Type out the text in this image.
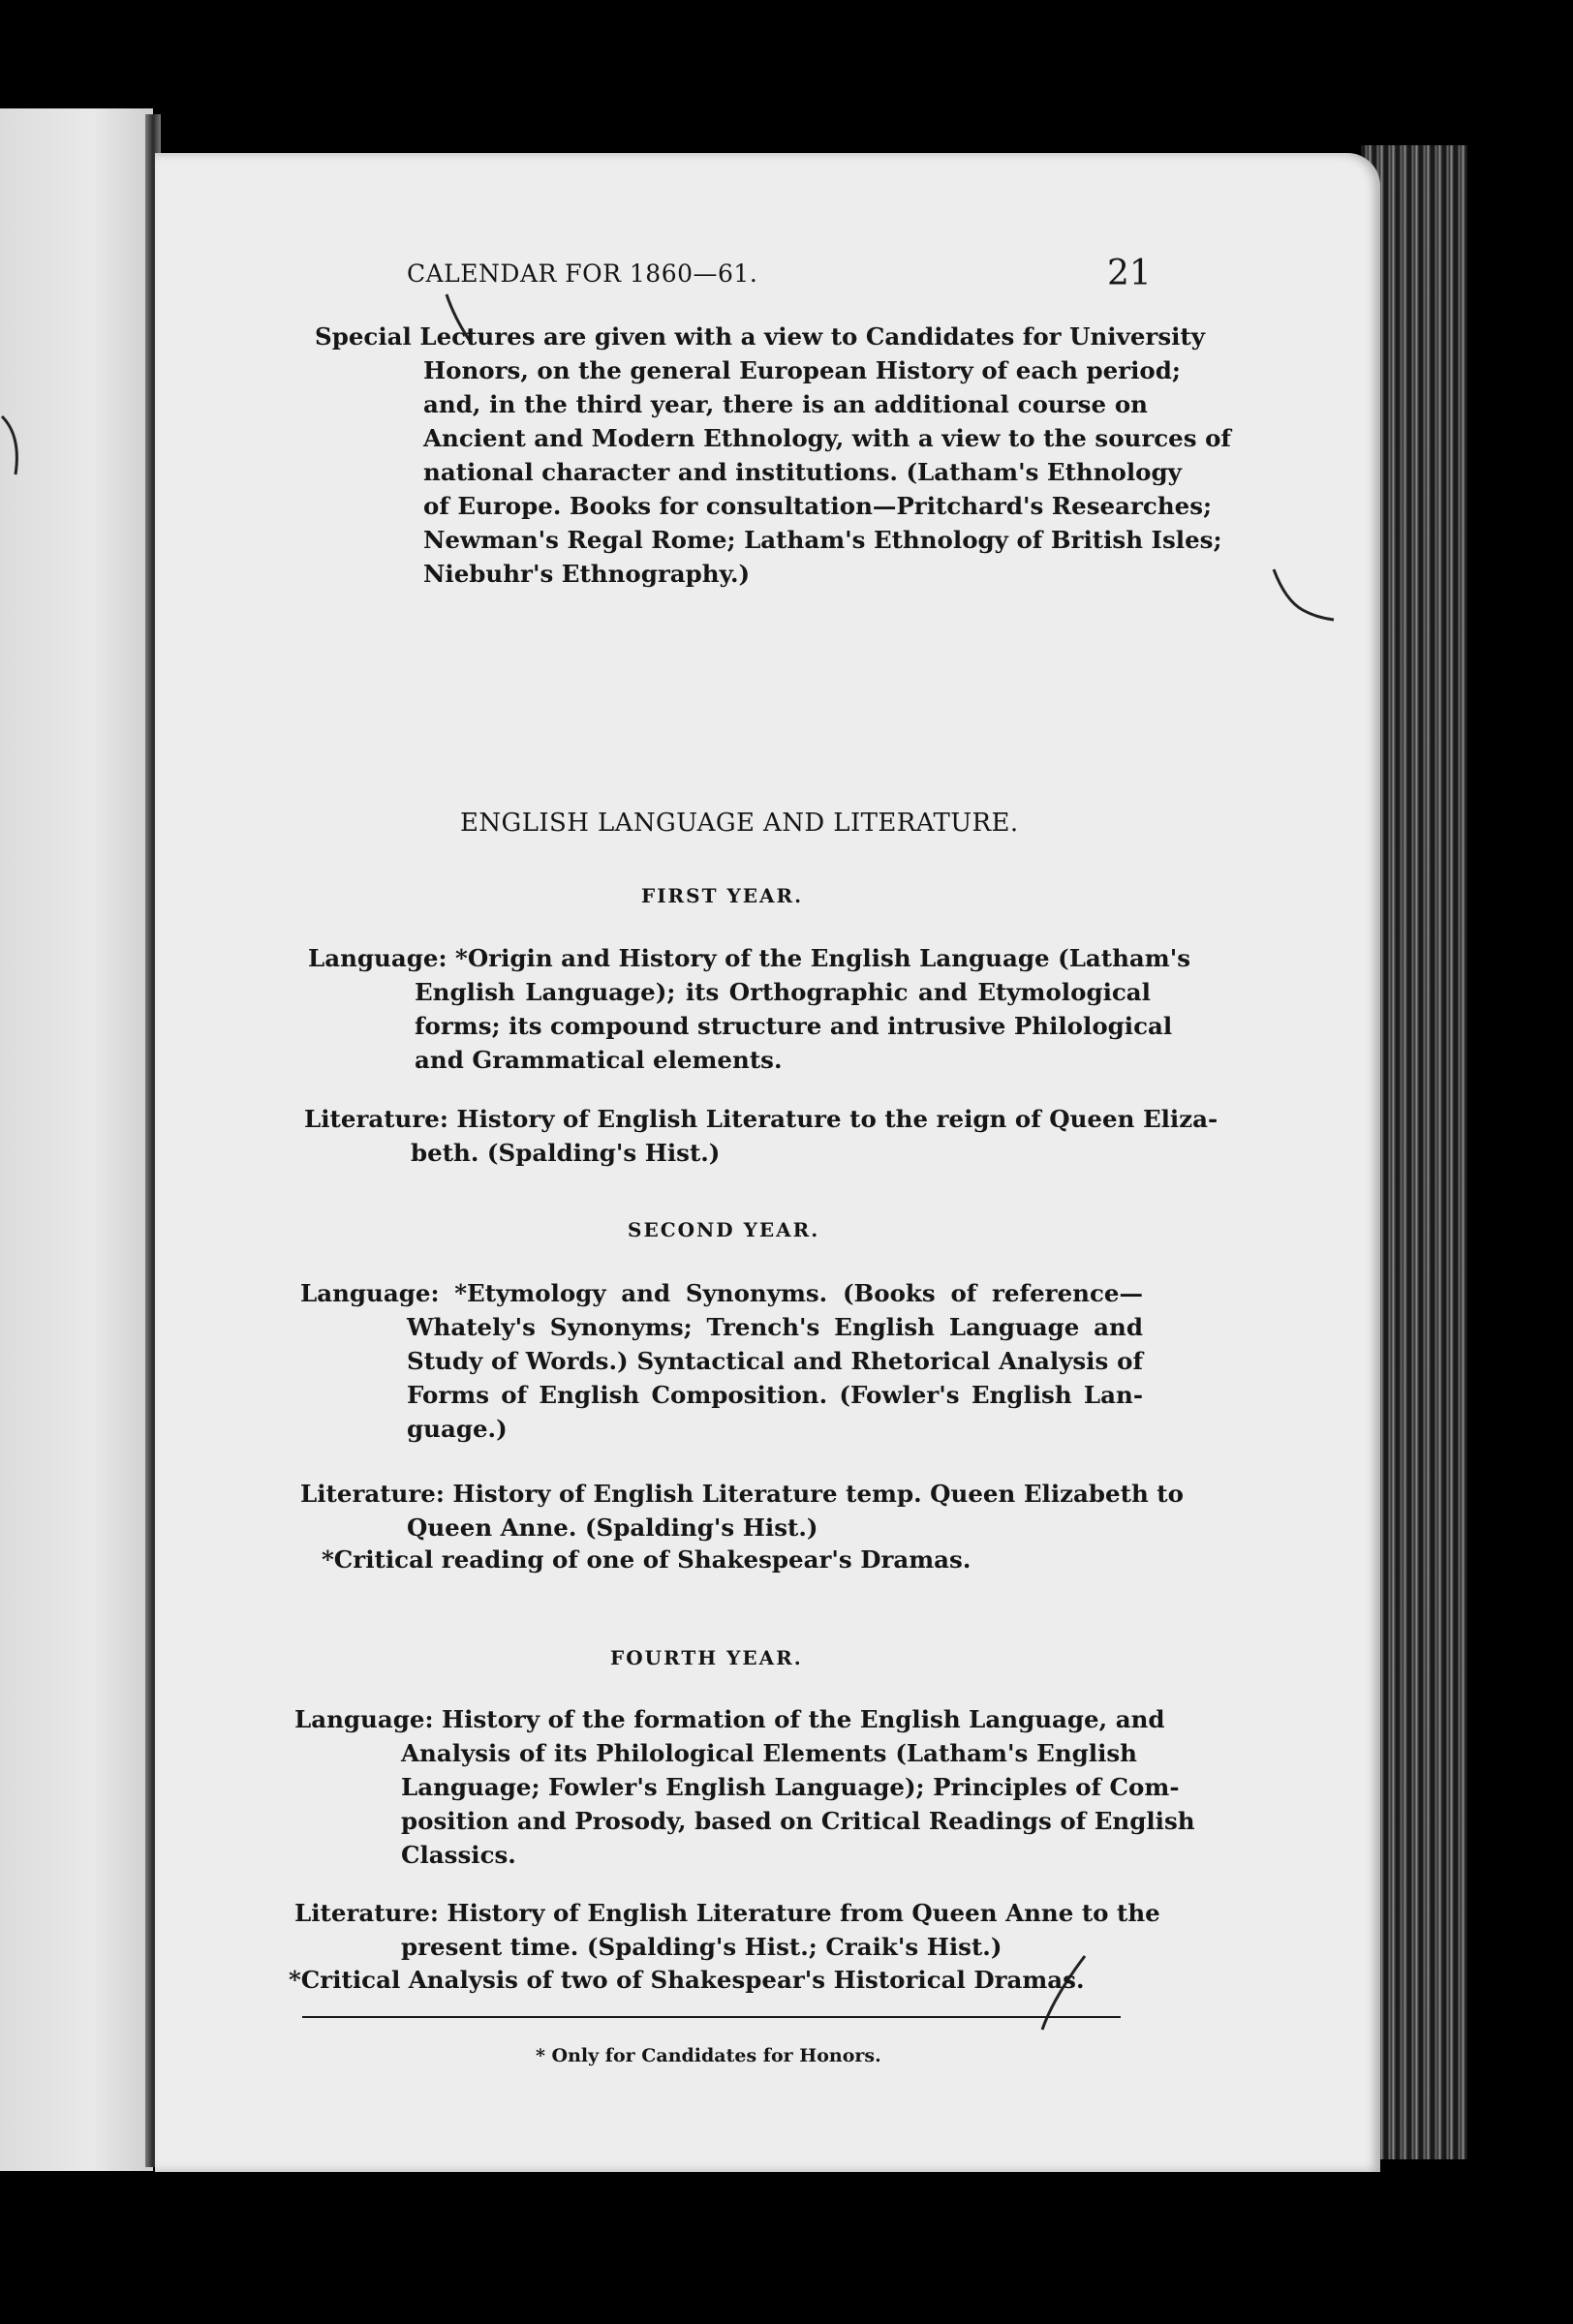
CALENDAR FOR 1860—61.	21

Special Lectures are given with a view to Candidates for University
Honors, on the general European History of each period;
and, in the third year, there is an additional course on
Ancient and Modern Ethnology, with a view to the sources of
national character and institutions. (Latham's Ethnology
of Europe. Books for consultation—Pritchard's Researches;
Newman's Regal Rome; Latham's Ethnology of British Isles;
Niebuhr's Ethnography.)

ENGLISH LANGUAGE AND LITERATURE.

FIRST YEAR.

Language: *Origin and History of the English Language (Latham's
English Language); its Orthographic and Etymological
forms; its compound structure and intrusive Philological
and Grammatical elements.
Literature: History of English Literature to the reign of Queen Eliza-
beth. (Spalding's Hist.)

SECOND YEAR.

Language: *Etymology and Synonyms. (Books of reference—
Whately's Synonyms; Trench's English Language and
Study of Words.) Syntactical and Rhetorical Analysis of
Forms of English Composition. (Fowler's English Lan-
guage.)
Literature: History of English Literature temp. Queen Elizabeth to
Queen Anne. (Spalding's Hist.)

*Critical reading of one of Shakespear's Dramas.

FOURTH YEAR.

Language: History of the formation of the English Language, and
Analysis of its Philological Elements (Latham's English
Language; Fowler's English Language); Principles of Com-
position and Prosody, based on Critical Readings of English
Classics.
Literature: History of English Literature from Queen Anne to the
present time. (Spalding's Hist.; Craik's Hist.)

*Critical Analysis of two of Shakespear's Historical Dramas.

* Only for Candidates for Honors.
